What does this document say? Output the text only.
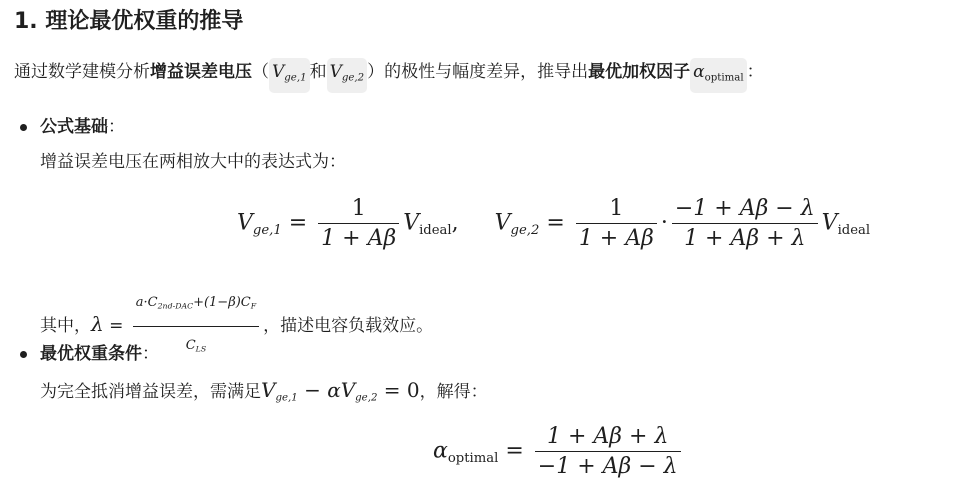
1. 理论最优权重的推导
通过数学建模分析增益误差电压（ $V_{ge,1}$ 和 $V_{ge,2}$ ）的极性与幅度差异，推导出最优加权因子 $\alpha_{optimal}$ ：
公式基础：
增益误差电压在两相放大中的表达式为：
$V_{ge,1} = \frac{1}{1 + A\beta} V_{ideal}$, $V_{ge,2} = \frac{1}{1 + A\beta} \cdot \frac{-1 + A\beta - \lambda}{1 + A\beta + \lambda} V_{ideal}$
其中，$\lambda = \frac{a\cdot C_{2nd-DAC}+(1-\beta)C_F}{C_{LS}}$ ，描述电容负载效应。
最优权重条件：
为完全抵消增益误差，需满足$V_{ge,1} - \alpha V_{ge,2} = 0$，解得：
$\alpha_{optimal} = \frac{1 + A\beta + \lambda}{-1 + A\beta - \lambda}$
